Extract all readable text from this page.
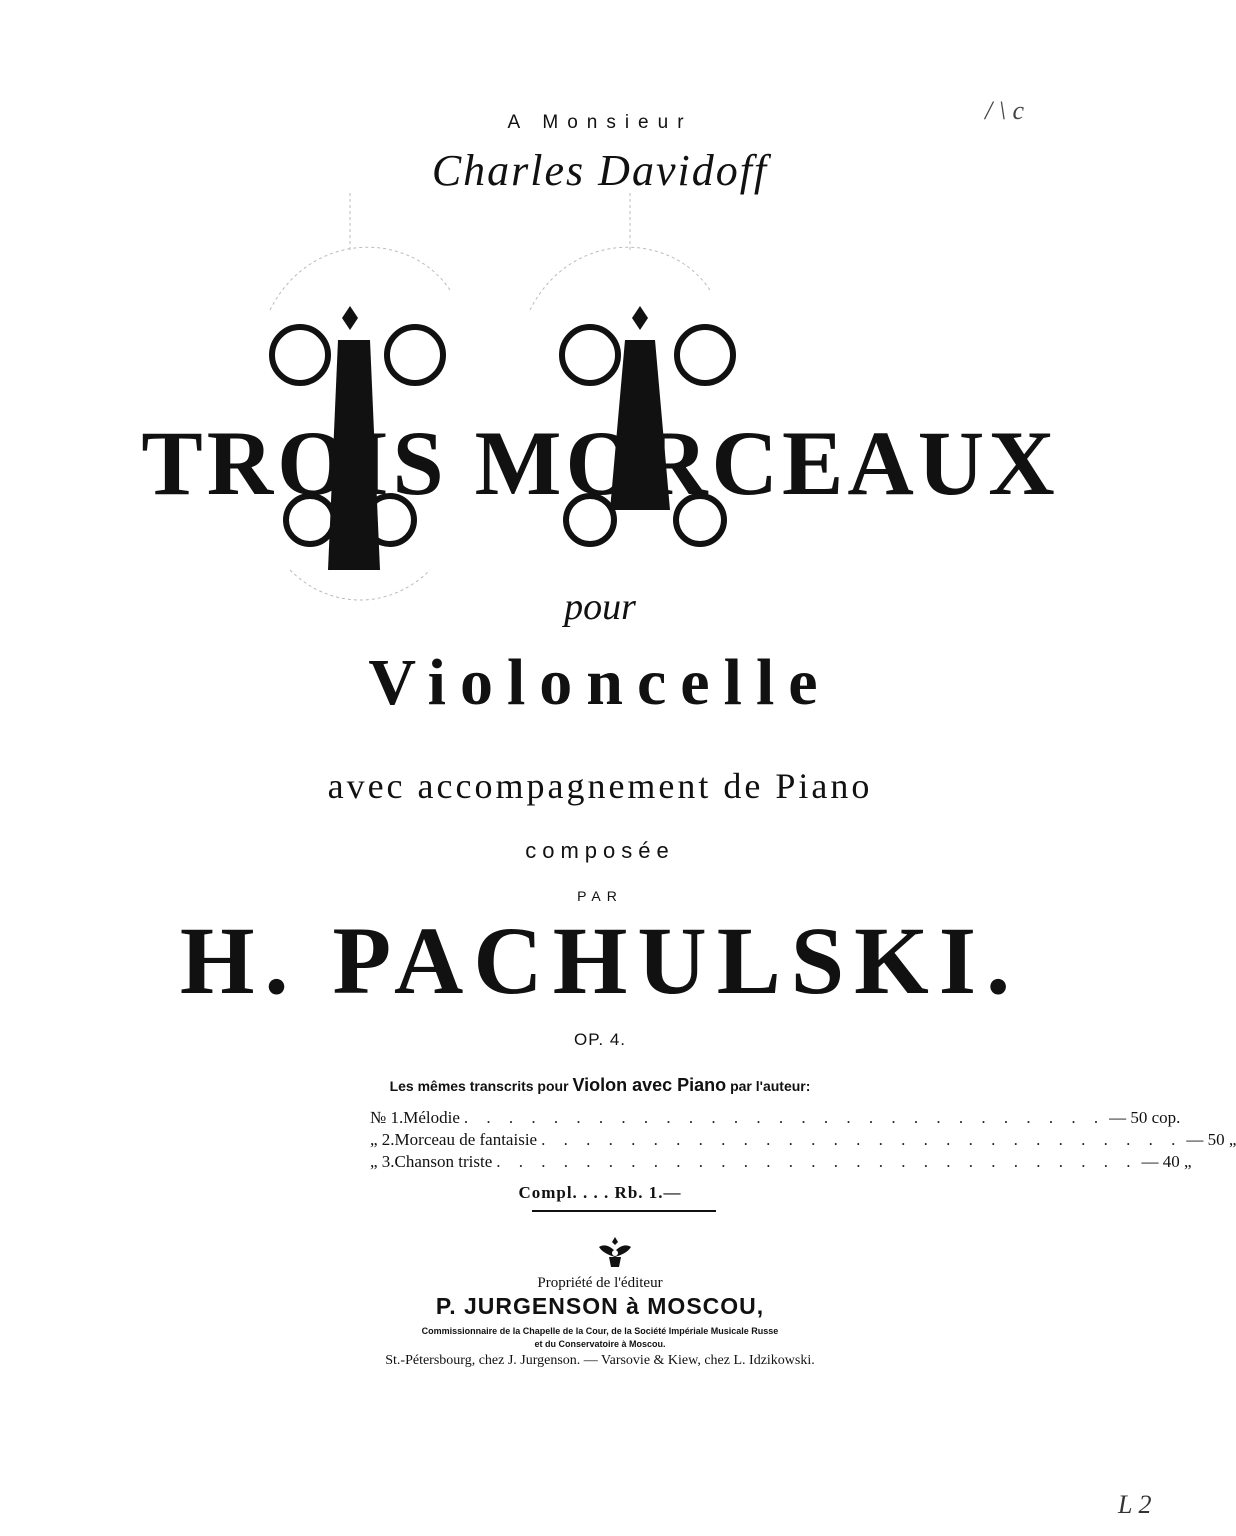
A Monsieur
Charles Davidoff
TROIS MORCEAUX
pour
Violoncelle
avec accompagnement de Piano
composée
PAR
H. PACHULSKI.
OP. 4.
Les mêmes transcrits pour Violon avec Piano par l'auteur:
№ 1. Mélodie . . . . . . . . . . . . . . . . . . . . . . . . . . . . . — 50 cop.
„ 2. Morceau de fantaisie . . . . . . . . . . . . . . . . . . . . . . . . . . . . . — 50 „
„ 3. Chanson triste . . . . . . . . . . . . . . . . . . . . . . . . . . . . . — 40 „
Compl. . . . Rb. 1.—
Propriété de l'éditeur
P. JURGENSON à MOSCOU,
Commissionnaire de la Chapelle de la Cour, de la Société Impériale Musicale Russe
et du Conservatoire à Moscou.
St.-Pétersbourg, chez J. Jurgenson. — Varsovie & Kiew, chez L. Idzikowski.
/ \ c
L 2
